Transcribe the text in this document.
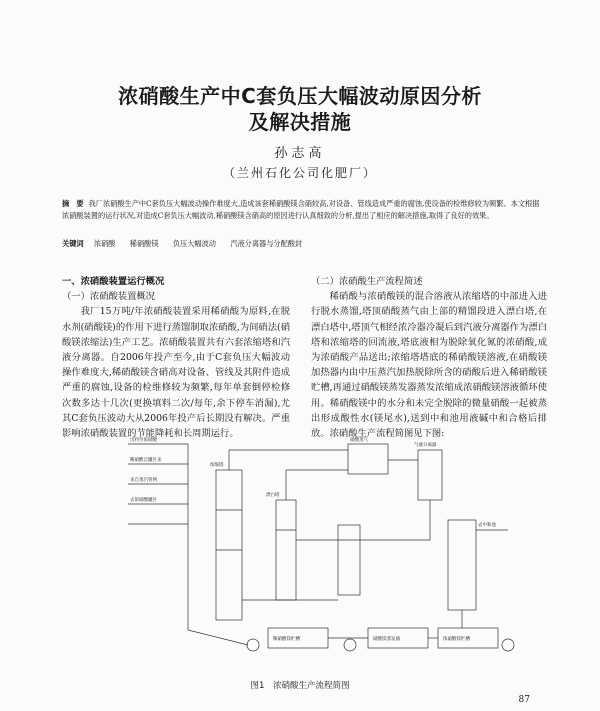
浓硝酸生产中C套负压大幅波动原因分析
及解决措施
孙志高
（兰州石化公司化肥厂）
摘　要 我厂浓硝酸生产中C套负压大幅波动操作难度大,造成该套稀硝酸镁含硝较高,对设备、管线造成严重的腐蚀,使设备的检维修较为频繁。本文根据浓硝酸装置的运行状况,对造成C套负压大幅波动,稀硝酸镁含硝高的原因进行认真细致的分析,提出了相应的解决措施,取得了良好的效果。
关键词 浓硝酸 稀硝酸镁 负压大幅波动 汽液分离器与分配酸封
一、浓硝酸装置运行概况
（一）浓硝酸装置概况

我厂15万吨/年浓硝酸装置采用稀硝酸为原料,在脱水剂(硝酸镁)的作用下进行蒸馏制取浓硝酸,为间硝法(硝酸镁浓缩法)生产工艺。浓硝酸装置共有六套浓缩塔和汽液分离器。自2006年投产至今,由于C套负压大幅波动操作难度大,稀硝酸镁含硝高对设备、管线及其附件造成严重的腐蚀,设备的检维修较为频繁,每年单套倒停检修次数多达十几次(更换填料二次/每年,余下停车消漏),尤其C套负压波动大从2006年投产后长期没有解决。严重影响浓硝酸装置的节能降耗和长周期运行。

（二）浓硝酸生产流程简述

稀硝酸与浓硝酸镁的混合溶液从浓缩塔的中部进入进行脱水蒸馏,塔顶硝酸蒸气由上部的精馏段进入漂白塔,在漂白塔中,塔顶气相经浓冷器冷凝后到汽液分离器作为漂白塔和浓缩塔的回流液,塔底液相为脱除氧化氮的浓硝酸,成为浓硝酸产品送出;浓缩塔塔底的稀硝酸镁溶液,在硝酸镁加热器内由中压蒸汽加热脱除所含的硝酸后进入稀硝酸镁贮槽,再通过硝酸镁蒸发器蒸发浓缩成浓硝酸镁溶液循环使用。稀硝酸镁中的水分和未完全脱除的微量硝酸一起被蒸出形成酸性水(镁尾水),送到中和池用液碱中和合格后排放。浓硝酸生产流程简图见下图:

出料至浓硝酸
稀硝酸自罐区来
来自蒸汽管网
去浓硝酸罐区
硝酸蒸气
气液分离器
漂白塔
浓缩塔
去中和池
稀硝酸镁贮槽	硝酸镁蒸发器	浓硝酸镁贮槽
图1　浓硝酸生产流程简图
87
